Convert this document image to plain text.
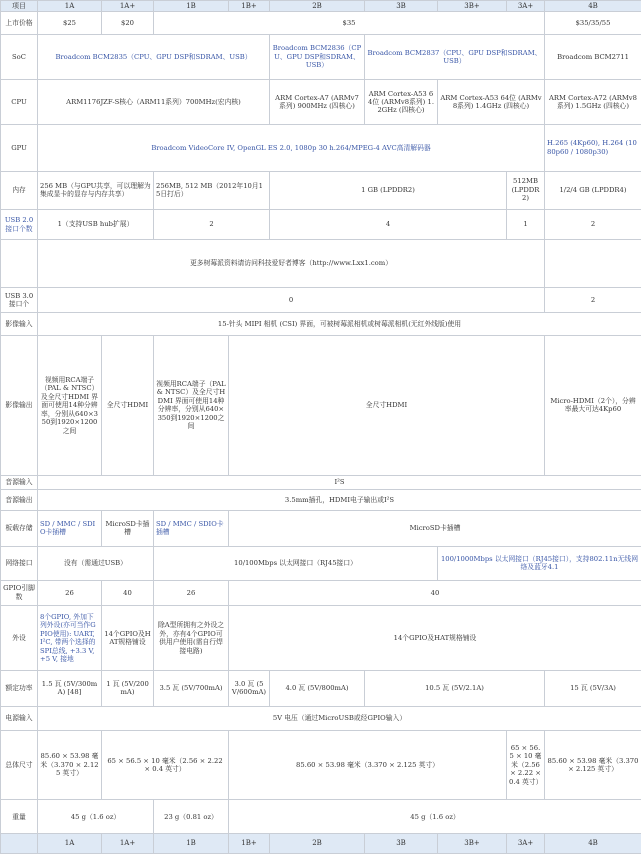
项目	1A	1A+	1B	1B+	2B	3B	3B+	3A+	4B
上市价格	$25	$20	$35						$35/35/55
SoC	Broadcom BCM2835（CPU、GPU DSP和SDRAM、USB）				Broadcom BCM2836（CPU、GPU DSP和SDRAM、USB）	Broadcom BCM2837（CPU、GPU DSP和SDRAM、USB）			Broadcom BCM2711
CPU	ARM1176JZF-S核心（ARM11系列）700MHz(宏内核)				ARM Cortex-A7 (ARMv7系列) 900MHz (四核心)	ARM Cortex-A53 64位 (ARMv8系列) 1.2GHz (四核心)	ARM Cortex-A53 64位 (ARMv8系列) 1.4GHz (四核心)		ARM Cortex-A72 (ARMv8系列) 1.5GHz (四核心)
GPU	Broadcom VideoCore IV, OpenGL ES 2.0, 1080p 30 h.264/MPEG-4 AVC高清解码器								H.265 (4Kp60), H.264 (1080p60 / 1080p30)
内存	256 MB（与GPU共享，可以理解为集成显卡的显存与内存共享）		256MB, 512 MB（2012年10月15日打后）		1 GB (LPDDR2)			512MB (LPDDR2)	1/2/4 GB (LPDDR4)
USB 2.0 接口个数	1（支持USB hub扩展）		2		4			1	2
	更多树莓派资料请访问科技爱好者博客（http://www.Lxx1.com）								
USB 3.0 接口个	0								2
影像输入	15-针头 MIPI 相机 (CSI) 界面，可被树莓派相机或树莓派相机(无红外线版)使用								
影像输出	视频用RCA端子（PAL & NTSC）及全尺寸HDMI 界面可使用14种分辨率，分别从640×350到1920×1200之间	全尺寸HDMI	视频用RCA端子（PAL & NTSC）及全尺寸HDMI 界面可使用14种分辨率，分别从640×350到1920×1200之间	全尺寸HDMI					Micro-HDMI（2个），分辨率最大可达4Kp60
音源输入	I²S								
音源输出	3.5mm插孔，HDMI电子输出或I²S								
板载存储	SD / MMC / SDIO卡插槽	MicroSD卡插槽	SD / MMC / SDIO卡插槽	MicroSD卡插槽					
网络接口	没有（需通过USB）		10/100Mbps 以太网接口（RJ45接口）				100/1000Mbps 以太网接口（RJ45接口），支持802.11n无线网络及蓝牙4.1		
GPIO引脚数	26	40	26	40					
外设	8个GPIO, 外加下列外设(亦可当作GPIO使用): UART, I²C, 带两个选择的SPI总线, +3.3 V, +5 V, 接地	14个GPIO及HAT规格铺设	除A型所拥有之外设之外，亦有4个GPIO可供用户使用(需自行焊接电路)	14个GPIO及HAT规格铺设					
额定功率	1.5 瓦 (5V/300mA) [48]	1 瓦 (5V/200mA)	3.5 瓦 (5V/700mA)	3.0 瓦 (5V/600mA)	4.0 瓦 (5V/800mA)	10.5 瓦 (5V/2.1A)			15 瓦 (5V/3A)
电源输入	5V 电压（通过MicroUSB或经GPIO输入）								
总体尺寸	85.60 × 53.98 毫米（3.370 × 2.125 英寸）	65 × 56.5 × 10 毫米（2.56 × 2.22 × 0.4 英寸）		85.60 × 53.98 毫米（3.370 × 2.125 英寸）				65 × 56.5 × 10 毫米（2.56 × 2.22 × 0.4 英寸）	85.60 × 53.98 毫米（3.370 × 2.125 英寸）
重量	45 g（1.6 oz）		23 g（0.81 oz）	45 g（1.6 oz）					
	1A	1A+	1B	1B+	2B	3B	3B+	3A+	4B
